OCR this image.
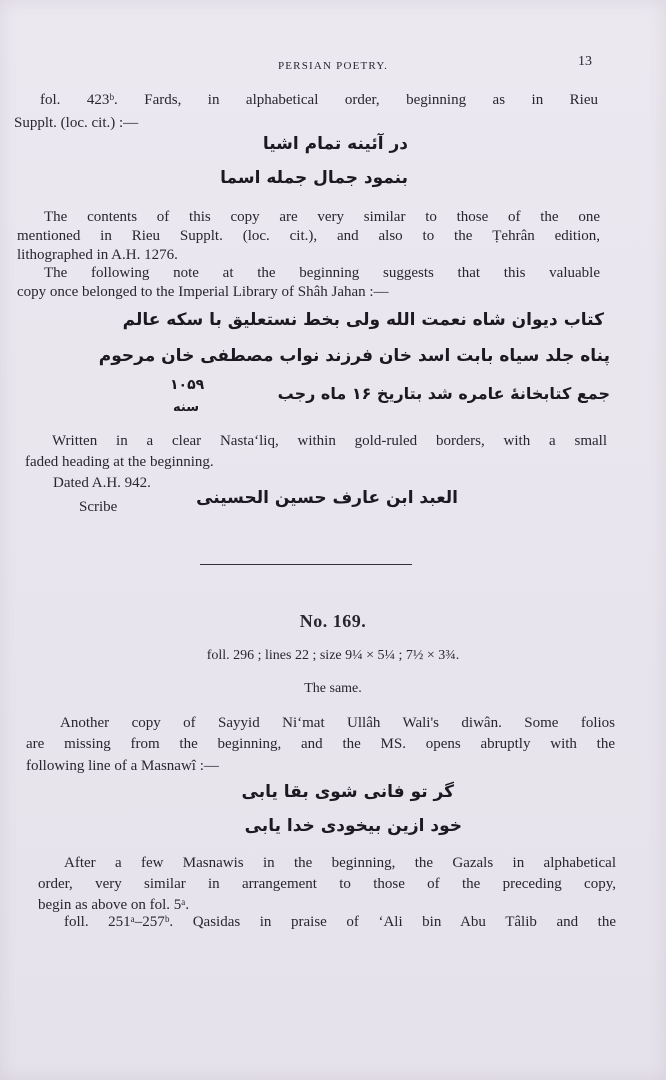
PERSIAN POETRY.	13
fol. 423ᵇ. Fards, in alphabetical order, beginning as in Rieu
Supplt. (loc. cit.) :—
در آئینه تمام اشیا
بنمود جمال جمله اسما
The contents of this copy are very similar to those of the one
mentioned in Rieu Supplt. (loc. cit.), and also to the Ṭehrân edition,
lithographed in A.H. 1276.
The following note at the beginning suggests that this valuable
copy once belonged to the Imperial Library of Shâh Jahan :—
کتاب دیوان شاه نعمت الله ولی بخط نستعلیق با سکه عالم
پناه جلد سیاه بابت اسد خان فرزند نواب مصطفی خان مرحوم
جمع کتابخانهٔ عامره شد بتاریخ ۱۶ ماه رجب
۱۰۵۹
سنه
Written in a clear Nastaʻliq, within gold-ruled borders, with a small
faded heading at the beginning.
Dated A.H. 942.
Scribe	العبد ابن عارف حسین الحسینی
No. 169.
foll. 296 ; lines 22 ; size 9¼ × 5¼ ; 7½ × 3¾.
The same.
Another copy of Sayyid Niʻmat Ullâh Wali's diwân. Some folios
are missing from the beginning, and the MS. opens abruptly with the
following line of a Masnawî :—
گر تو فانی شوی بقا یابی
خود ازین بیخودی خدا یابی
After a few Masnawis in the beginning, the Gazals in alphabetical
order, very similar in arrangement to those of the preceding copy,
begin as above on fol. 5ᵃ.
foll. 251ᵃ–257ᵇ. Qasidas in praise of ʻAli bin Abu Tâlib and the
